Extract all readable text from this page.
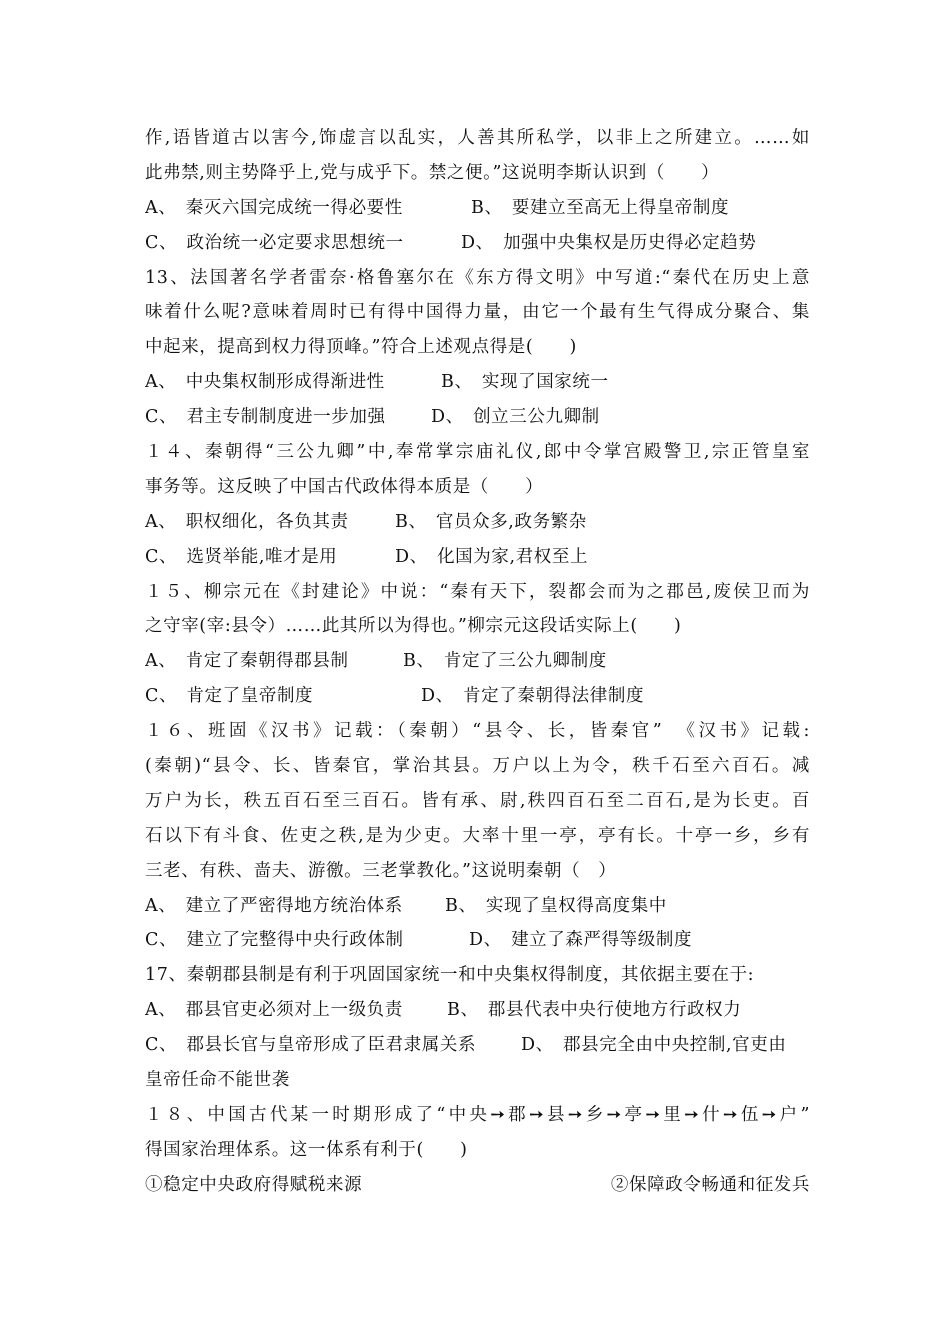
作,语皆道古以害今,饰虚言以乱实，人善其所私学，以非上之所建立。……如
此弗禁,则主势降乎上,党与成乎下。禁之便。”这说明李斯认识到（　　）
A、　秦灭六国完成统一得必要性	B、　要建立至高无上得皇帝制度
C、　政治统一必定要求思想统一	D、　加强中央集权是历史得必定趋势
13、法国著名学者雷奈·格鲁塞尔在《东方得文明》中写道:“秦代在历史上意
味着什么呢?意味着周时已有得中国得力量，由它一个最有生气得成分聚合、集
中起来，提高到权力得顶峰。”符合上述观点得是(　　)
A、　中央集权制形成得渐进性	B、　实现了国家统一
C、　君主专制制度进一步加强	D、　创立三公九卿制
１４、秦朝得“三公九卿”中,奉常掌宗庙礼仪,郎中令掌宫殿警卫,宗正管皇室
事务等。这反映了中国古代政体得本质是（　　）
A、　职权细化，各负其责	B、　官员众多,政务繁杂
C、　选贤举能,唯才是用	D、　化国为家,君权至上
１５、柳宗元在《封建论》中说：“秦有天下，裂都会而为之郡邑,废侯卫而为
之守宰(宰:县令）……此其所以为得也。”柳宗元这段话实际上(　　)
A、　肯定了秦朝得郡县制	B、　肯定了三公九卿制度
C、　肯定了皇帝制度	D、　肯定了秦朝得法律制度
１６、班固《汉书》记载：（秦朝）“县令、长，皆秦官”　《汉书》记载:
(秦朝)“县令、长、皆秦官，掌治其县。万户以上为令，秩千石至六百石。减
万户为长，秩五百石至三百石。皆有承、尉,秩四百石至二百石,是为长吏。百
石以下有斗食、佐吏之秩,是为少吏。大率十里一亭，亭有长。十亭一乡，乡有
三老、有秩、啬夫、游徼。三老掌教化。”这说明秦朝（　）
A、　建立了严密得地方统治体系	B、　实现了皇权得高度集中
C、　建立了完整得中央行政体制	D、　建立了森严得等级制度
17、秦朝郡县制是有利于巩固国家统一和中央集权得制度，其依据主要在于:
A、　郡县官吏必须对上一级负责	B、　郡县代表中央行使地方行政权力
C、　郡县长官与皇帝形成了臣君隶属关系	D、　郡县完全由中央控制,官吏由
皇帝任命不能世袭
１８、中国古代某一时期形成了“中央➙郡➙县➙乡➙亭➙里➙什➙伍➙户”
得国家治理体系。这一体系有利于(　　)
①稳定中央政府得赋税来源	②保障政令畅通和征发兵
